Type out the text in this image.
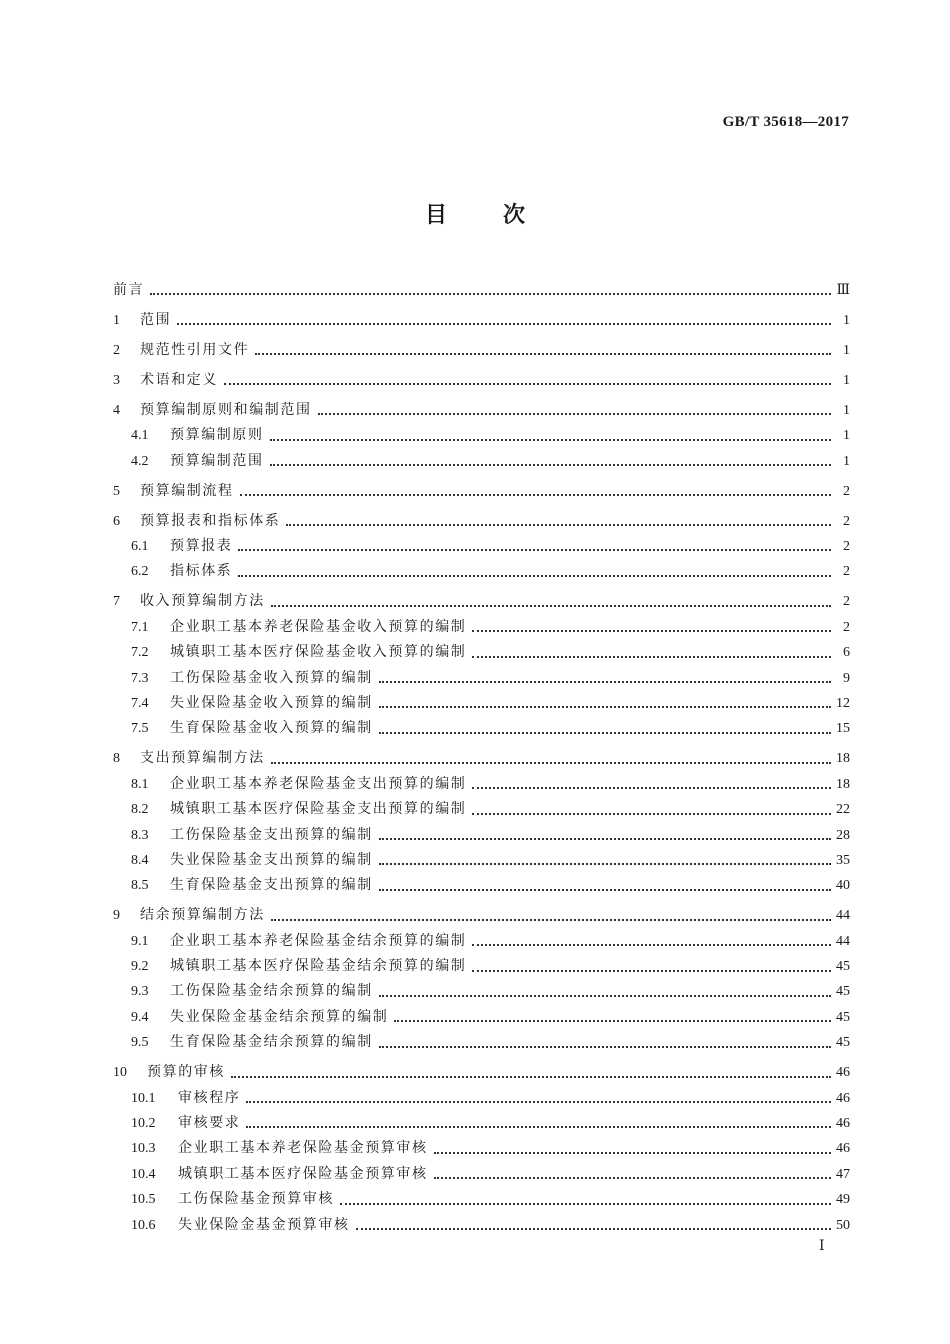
GB/T 35618—2017
目	次
前言	Ⅲ
1	范围	1
2	规范性引用文件	1
3	术语和定义	1
4	预算编制原则和编制范围	1
4.1	预算编制原则	1
4.2	预算编制范围	1
5	预算编制流程	2
6	预算报表和指标体系	2
6.1	预算报表	2
6.2	指标体系	2
7	收入预算编制方法	2
7.1	企业职工基本养老保险基金收入预算的编制	2
7.2	城镇职工基本医疗保险基金收入预算的编制	6
7.3	工伤保险基金收入预算的编制	9
7.4	失业保险基金收入预算的编制	12
7.5	生育保险基金收入预算的编制	15
8	支出预算编制方法	18
8.1	企业职工基本养老保险基金支出预算的编制	18
8.2	城镇职工基本医疗保险基金支出预算的编制	22
8.3	工伤保险基金支出预算的编制	28
8.4	失业保险基金支出预算的编制	35
8.5	生育保险基金支出预算的编制	40
9	结余预算编制方法	44
9.1	企业职工基本养老保险基金结余预算的编制	44
9.2	城镇职工基本医疗保险基金结余预算的编制	45
9.3	工伤保险基金结余预算的编制	45
9.4	失业保险金基金结余预算的编制	45
9.5	生育保险基金结余预算的编制	45
10	预算的审核	46
10.1	审核程序	46
10.2	审核要求	46
10.3	企业职工基本养老保险基金预算审核	46
10.4	城镇职工基本医疗保险基金预算审核	47
10.5	工伤保险基金预算审核	49
10.6	失业保险金基金预算审核	50
Ⅰ
